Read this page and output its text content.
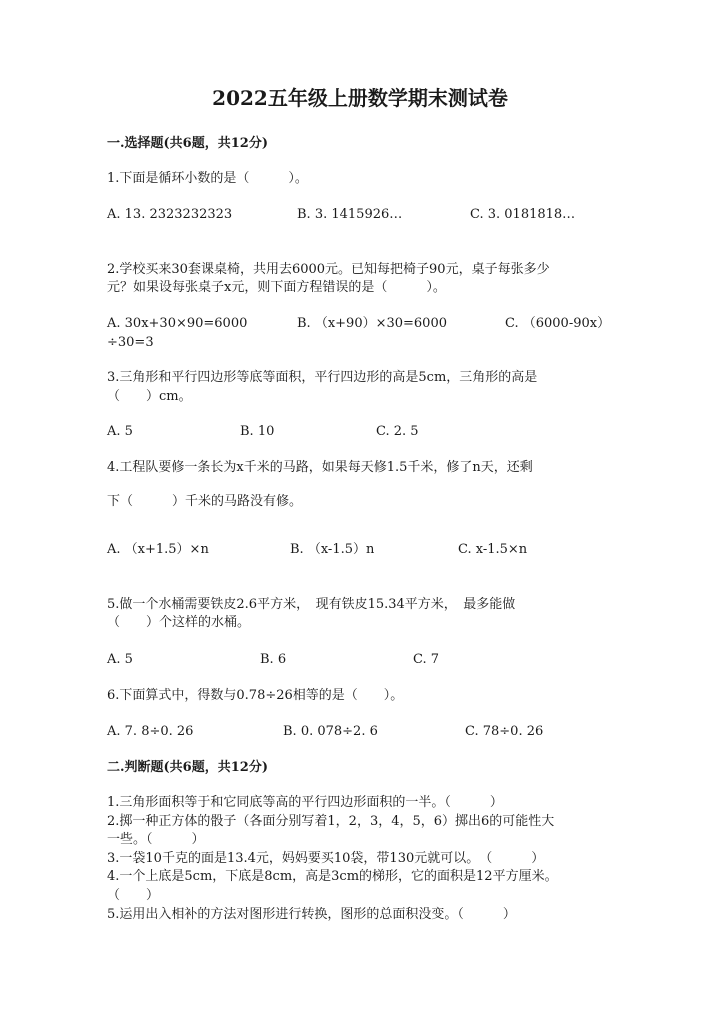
2022五年级上册数学期末测试卷
一.选择题(共6题，共12分)
1.下面是循环小数的是（　　　）。
A. 13. 2323232323	B. 3. 1415926…	C. 3. 0181818…
2.学校买来30套课桌椅，共用去6000元。已知每把椅子90元，桌子每张多少
元？如果设每张桌子x元，则下面方程错误的是（　　　）。
A. 30x+30×90=6000	B. （x+90）×30=6000	C. （6000-90x）
÷30=3
3.三角形和平行四边形等底等面积，平行四边形的高是5cm，三角形的高是
（　　）cm。
A. 5	B. 10	C. 2. 5
4.工程队要修一条长为x千米的马路，如果每天修1.5千米，修了n天，还剩
下（　　　）千米的马路没有修。
A. （x+1.5）×n	B. （x-1.5）n	C. x-1.5×n
5.做一个水桶需要铁皮2.6平方米，　现有铁皮15.34平方米，　最多能做
（　　）个这样的水桶。
A. 5	B. 6	C. 7
6.下面算式中，得数与0.78÷26相等的是（　　）。
A. 7. 8÷0. 26	B. 0. 078÷2. 6	C. 78÷0. 26
二.判断题(共6题，共12分)
1.三角形面积等于和它同底等高的平行四边形面积的一半。（　　　）
2.掷一种正方体的骰子（各面分别写着1，2，3，4，5，6）掷出6的可能性大
一些。（　　　）
3.一袋10千克的面是13.4元，妈妈要买10袋，带130元就可以。　（　　　）
4.一个上底是5cm，下底是8cm，高是3cm的梯形，它的面积是12平方厘米。
（　　）
5.运用出入相补的方法对图形进行转换，图形的总面积没变。（　　　）
